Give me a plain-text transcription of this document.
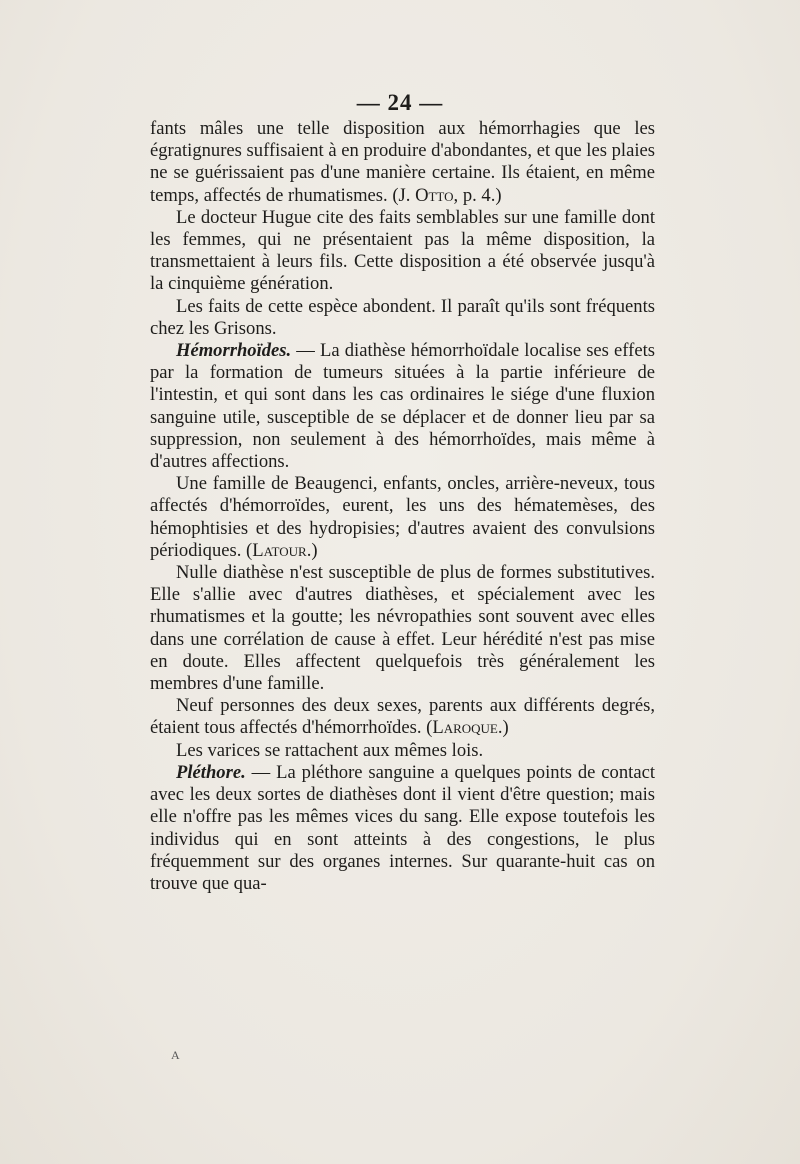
— 24 —

fants mâles une telle disposition aux hémorrhagies que les égratignures suffisaient à en produire d'abondantes, et que les plaies ne se guérissaient pas d'une manière certaine. Ils étaient, en même temps, affectés de rhumatismes. (J. Otto, p. 4.)

Le docteur Hugue cite des faits semblables sur une famille dont les femmes, qui ne présentaient pas la même disposition, la transmettaient à leurs fils. Cette disposition a été observée jusqu'à la cinquième génération.

Les faits de cette espèce abondent. Il paraît qu'ils sont fréquents chez les Grisons.

Hémorrhoïdes. — La diathèse hémorrhoïdale localise ses effets par la formation de tumeurs situées à la partie inférieure de l'intestin, et qui sont dans les cas ordinaires le siége d'une fluxion sanguine utile, susceptible de se déplacer et de donner lieu par sa suppression, non seulement à des hémorrhoïdes, mais même à d'autres affections.

Une famille de Beaugenci, enfants, oncles, arrière-neveux, tous affectés d'hémorroïdes, eurent, les uns des hématemèses, des hémophtisies et des hydropisies; d'autres avaient des convulsions périodiques. (Latour.)

Nulle diathèse n'est susceptible de plus de formes substitutives. Elle s'allie avec d'autres diathèses, et spécialement avec les rhumatismes et la goutte; les névropathies sont souvent avec elles dans une corrélation de cause à effet. Leur hérédité n'est pas mise en doute. Elles affectent quelquefois très généralement les membres d'une famille.

Neuf personnes des deux sexes, parents aux différents degrés, étaient tous affectés d'hémorrhoïdes. (Laroque.)

Les varices se rattachent aux mêmes lois.

Pléthore. — La pléthore sanguine a quelques points de contact avec les deux sortes de diathèses dont il vient d'être question; mais elle n'offre pas les mêmes vices du sang. Elle expose toutefois les individus qui en sont atteints à des congestions, le plus fréquemment sur des organes internes. Sur quarante-huit cas on trouve que qua-

A
